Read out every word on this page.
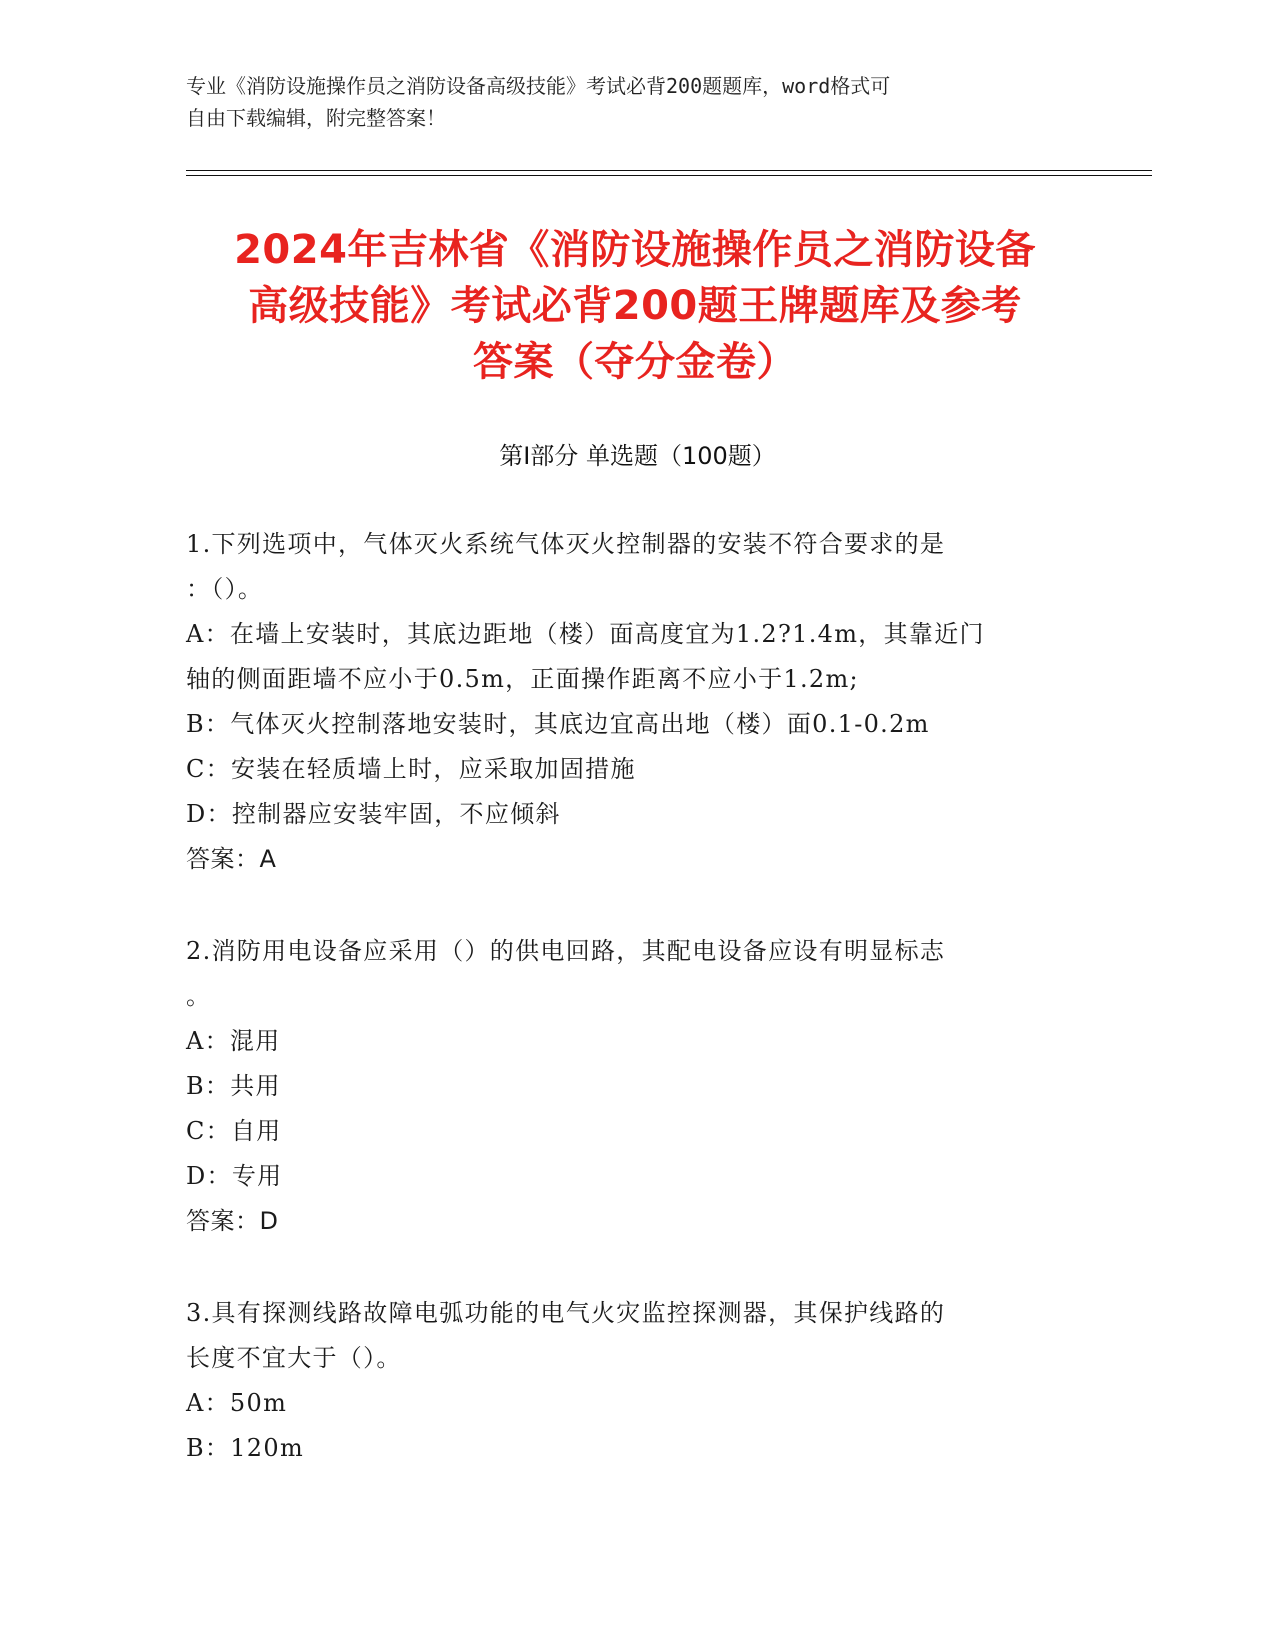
专业《消防设施操作员之消防设备高级技能》考试必背200题题库，word格式可
自由下载编辑，附完整答案！
2024年吉林省《消防设施操作员之消防设备
高级技能》考试必背200题王牌题库及参考
答案（夺分金卷）
第Ⅰ部分 单选题（100题）

1.下列选项中，气体灭火系统气体灭火控制器的安装不符合要求的是

：（）。

A：在墙上安装时，其底边距地（楼）面高度宜为1.2?1.4m，其靠近门

轴的侧面距墙不应小于0.5m，正面操作距离不应小于1.2m;

B：气体灭火控制落地安装时，其底边宜高出地（楼）面0.1-0.2m

C：安装在轻质墙上时，应采取加固措施

D：控制器应安装牢固，不应倾斜

答案：A

2.消防用电设备应采用（）的供电回路，其配电设备应设有明显标志

。

A：混用

B：共用

C：自用

D：专用

答案：D

3.具有探测线路故障电弧功能的电气火灾监控探测器，其保护线路的

长度不宜大于（）。

A：50m

B：120m
